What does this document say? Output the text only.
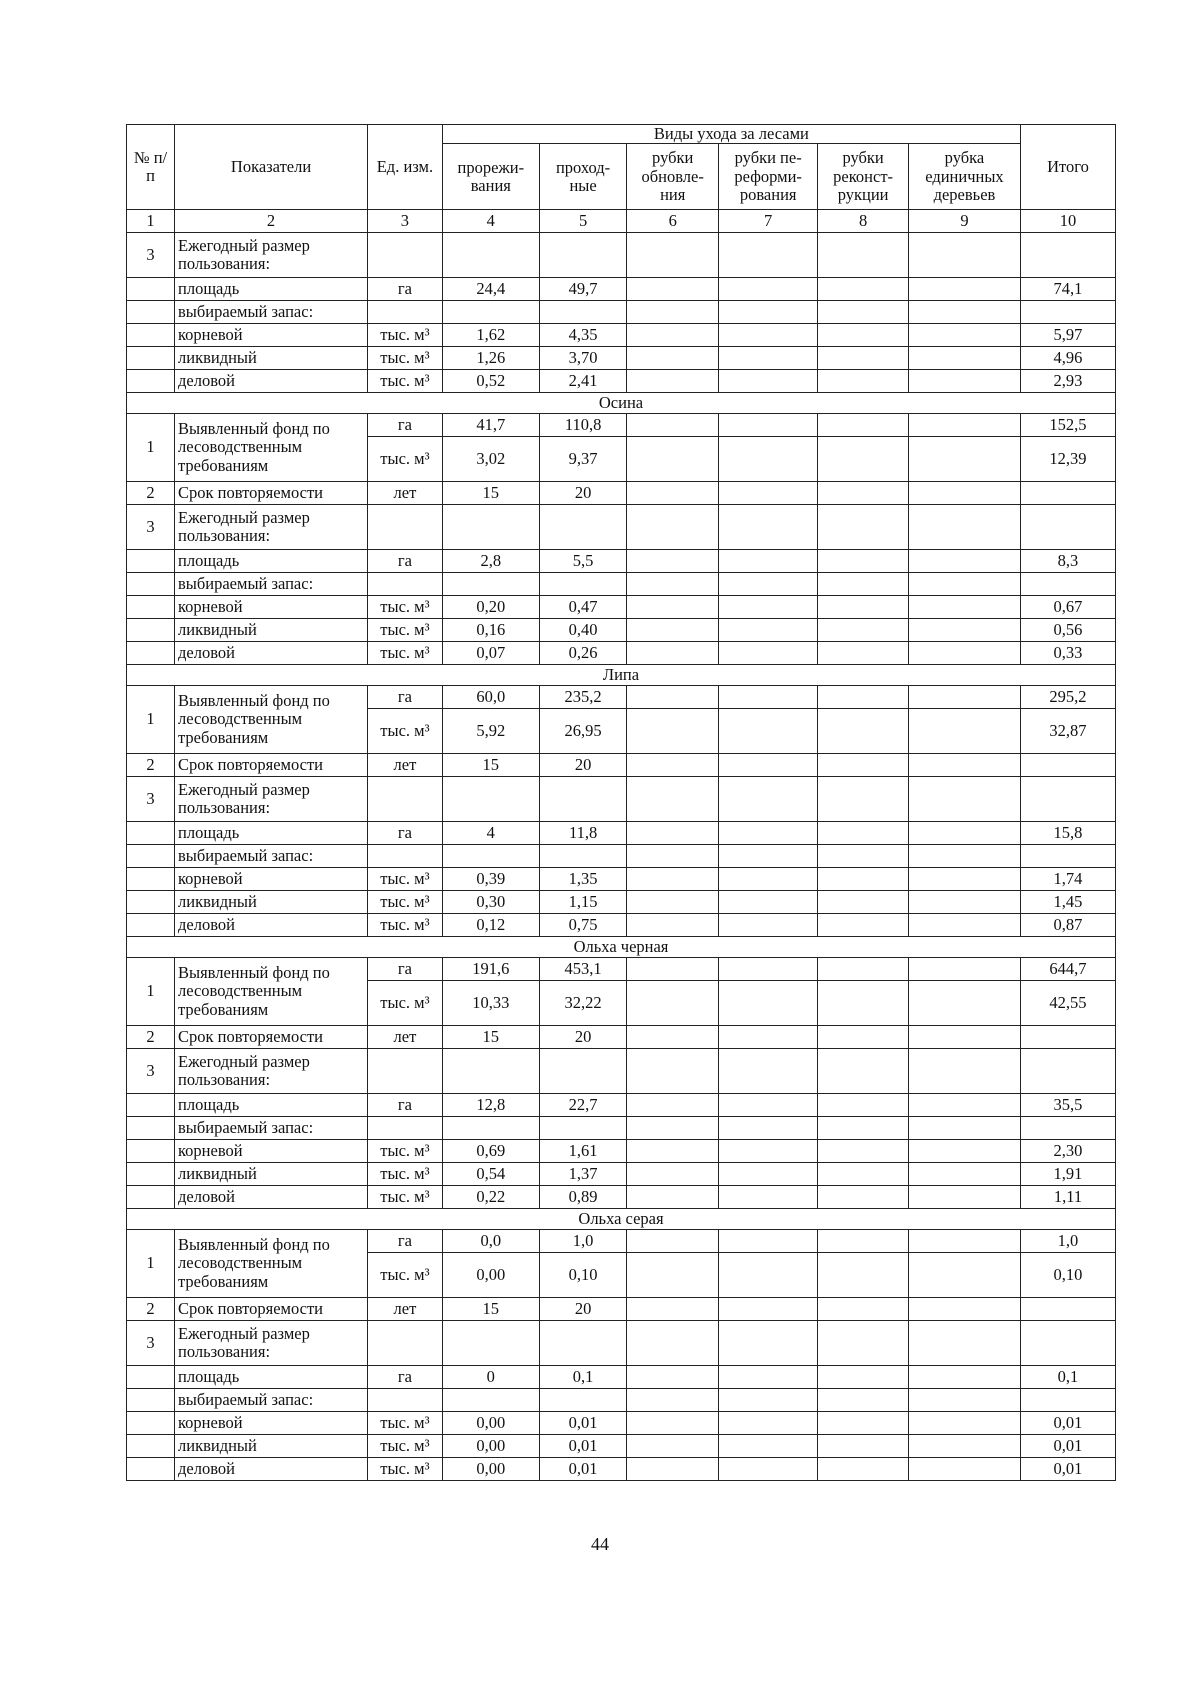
№ п/п	Показатели	Ед. изм.	Виды ухода за лесами						Итого
			прорежи-вания	проход-ные	рубки обновле-ния	рубки пе-реформи-рования	рубки реконст-рукции	рубка единичных деревьев	
1	2	3	4	5	6	7	8	9	10
3	Ежегодный размер пользования:								
	площадь	га	24,4	49,7					74,1
	выбираемый запас:								
	корневой	тыс. м³	1,62	4,35					5,97
	ликвидный	тыс. м³	1,26	3,70					4,96
	деловой	тыс. м³	0,52	2,41					2,93
Осина									
1	Выявленный фонд по лесоводственным требованиям	га	41,7	110,8					152,5
		тыс. м³	3,02	9,37					12,39
2	Срок повторяемости	лет	15	20					
3	Ежегодный размер пользования:								
	площадь	га	2,8	5,5					8,3
	выбираемый запас:								
	корневой	тыс. м³	0,20	0,47					0,67
	ликвидный	тыс. м³	0,16	0,40					0,56
	деловой	тыс. м³	0,07	0,26					0,33
Липа									
1	Выявленный фонд по лесоводственным требованиям	га	60,0	235,2					295,2
		тыс. м³	5,92	26,95					32,87
2	Срок повторяемости	лет	15	20					
3	Ежегодный размер пользования:								
	площадь	га	4	11,8					15,8
	выбираемый запас:								
	корневой	тыс. м³	0,39	1,35					1,74
	ликвидный	тыс. м³	0,30	1,15					1,45
	деловой	тыс. м³	0,12	0,75					0,87
Ольха черная									
1	Выявленный фонд по лесоводственным требованиям	га	191,6	453,1					644,7
		тыс. м³	10,33	32,22					42,55
2	Срок повторяемости	лет	15	20					
3	Ежегодный размер пользования:								
	площадь	га	12,8	22,7					35,5
	выбираемый запас:								
	корневой	тыс. м³	0,69	1,61					2,30
	ликвидный	тыс. м³	0,54	1,37					1,91
	деловой	тыс. м³	0,22	0,89					1,11
Ольха серая									
1	Выявленный фонд по лесоводственным требованиям	га	0,0	1,0					1,0
		тыс. м³	0,00	0,10					0,10
2	Срок повторяемости	лет	15	20					
3	Ежегодный размер пользования:								
	площадь	га	0	0,1					0,1
	выбираемый запас:								
	корневой	тыс. м³	0,00	0,01					0,01
	ликвидный	тыс. м³	0,00	0,01					0,01
	деловой	тыс. м³	0,00	0,01					0,01
44
